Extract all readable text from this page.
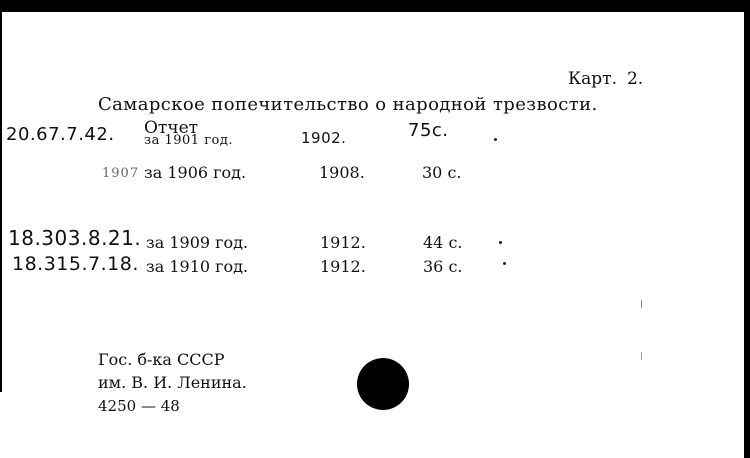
Карт. 2.
Самарское попечительство о народной трезвости.
Отчет
20.67.7.42. за 1901 год.	1902.	75с.
1907 за 1906 год.	1908.	30 с.
18.303.8.21. за 1909 год.	1912.	44 с.
18.315.7.18. за 1910 год.	1912.	36 с.
Гос. б-ка СССР
им. В. И. Ленина.
4250 — 48
